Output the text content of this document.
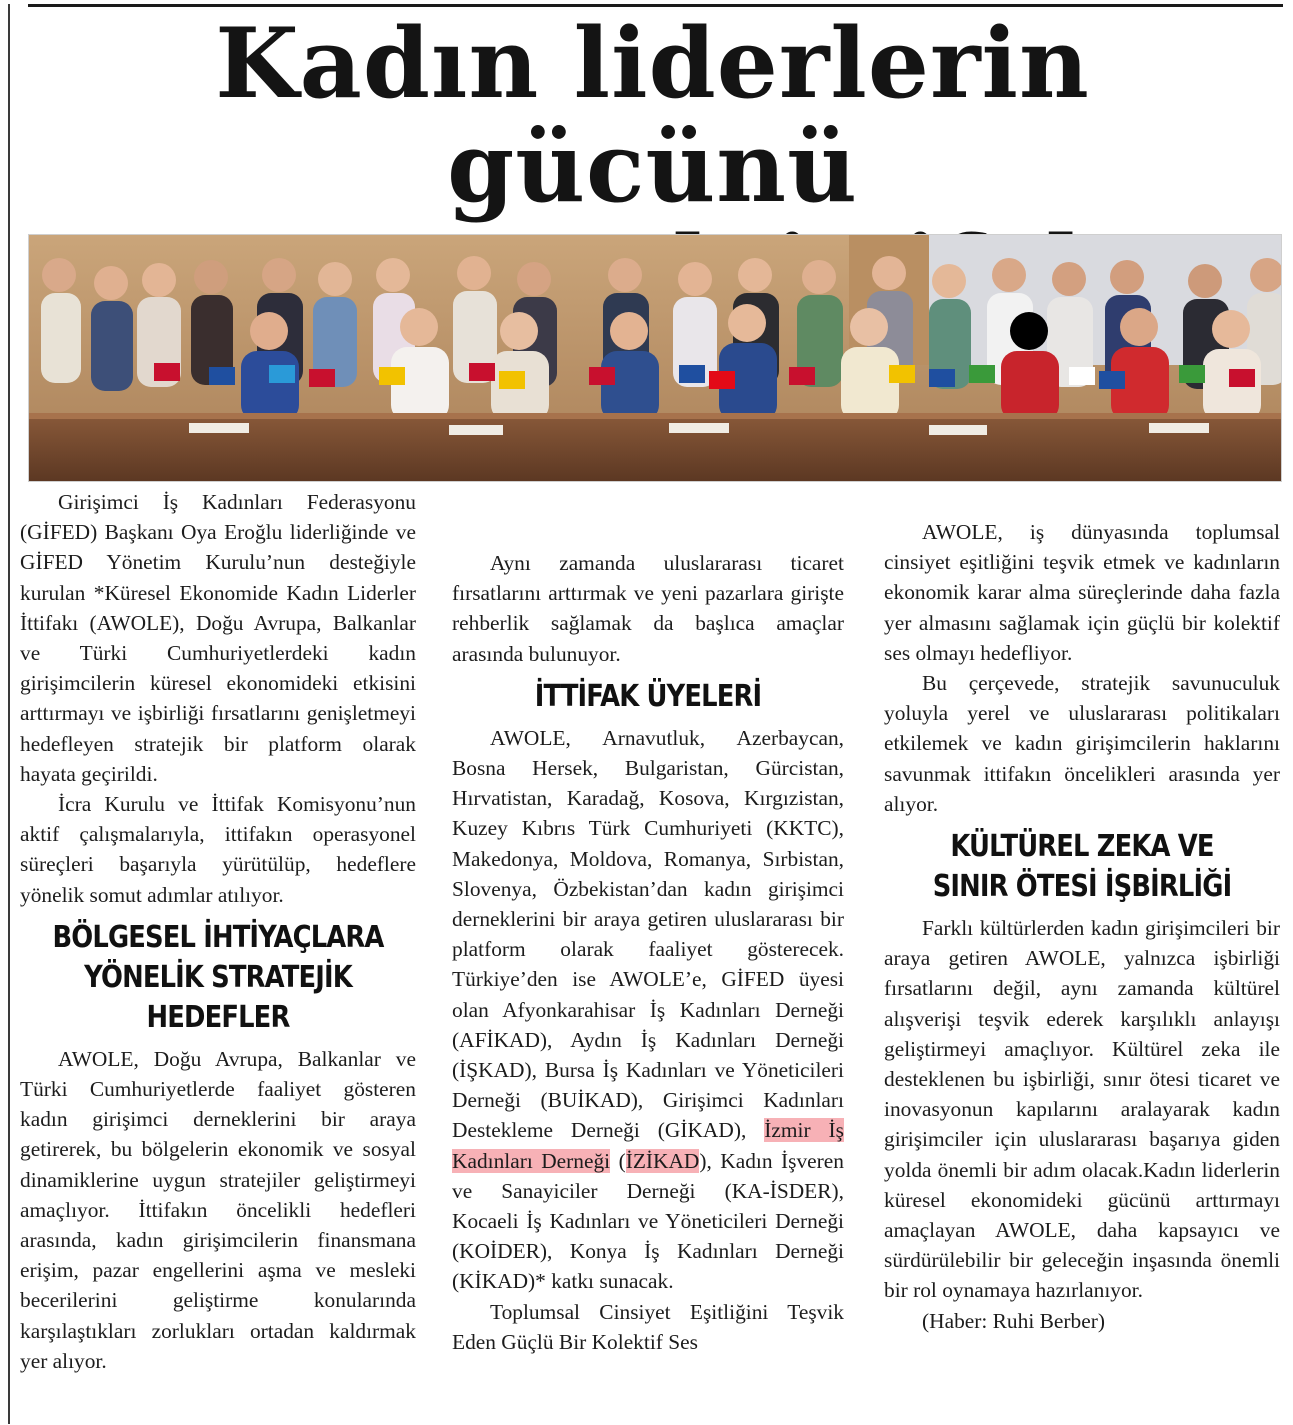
Kadın liderlerin gücünü

Girişimci İş Kadınları Federasyonu (GİFED) Başkanı Oya Eroğlu liderliğinde ve GİFED Yönetim Kurulu’nun desteğiyle kurulan *Küresel Ekonomide Kadın Liderler İttifakı (AWOLE), Doğu Avrupa, Balkanlar ve Türki Cumhuriyetlerdeki kadın girişimcilerin küresel ekonomideki etkisini arttırmayı ve işbirliği fırsatlarını genişletmeyi hedefleyen stratejik bir platform olarak hayata geçirildi.

İcra Kurulu ve İttifak Komisyonu’nun aktif çalışmalarıyla, ittifakın operasyonel süreçleri başarıyla yürütülüp, hedeflere yönelik somut adımlar atılıyor.

BÖLGESEL İHTİYAÇLARA YÖNELİK STRATEJİK HEDEFLER

AWOLE, Doğu Avrupa, Balkanlar ve Türki Cumhuriyetlerde faaliyet gösteren kadın girişimci derneklerini bir araya getirerek, bu bölgelerin ekonomik ve sosyal dinamiklerine uygun stratejiler geliştirmeyi amaçlıyor. İttifakın öncelikli hedefleri arasında, kadın girişimcilerin finansmana erişim, pazar engellerini aşma ve mesleki becerilerini geliştirme konularında karşılaştıkları zorlukları ortadan kaldırmak yer alıyor.

Aynı zamanda uluslararası ticaret fırsatlarını arttırmak ve yeni pazarlara girişte rehberlik sağlamak da başlıca amaçlar arasında bulunuyor.

İTTİFAK ÜYELERİ

AWOLE, Arnavutluk, Azerbaycan, Bosna Hersek, Bulgaristan, Gürcistan, Hırvatistan, Karadağ, Kosova, Kırgızistan, Kuzey Kıbrıs Türk Cumhuriyeti (KKTC), Makedonya, Moldova, Romanya, Sırbistan, Slovenya, Özbekistan’dan kadın girişimci derneklerini bir araya getiren uluslararası bir platform olarak faaliyet gösterecek. Türkiye’den ise AWOLE’e, GİFED üyesi olan Afyonkarahisar İş Kadınları Derneği (AFİKAD), Aydın İş Kadınları Derneği (İŞKAD), Bursa İş Kadınları ve Yöneticileri Derneği (BUİKAD), Girişimci Kadınları Destekleme Derneği (GİKAD), İzmir İş Kadınları Derneği (İZİKAD), Kadın İşveren ve Sanayiciler Derneği (KA-İSDER), Kocaeli İş Kadınları ve Yöneticileri Derneği (KOİDER), Konya İş Kadınları Derneği (KİKAD)* katkı sunacak.

Toplumsal Cinsiyet Eşitliğini Teşvik Eden Güçlü Bir Kolektif Ses

AWOLE, iş dünyasında toplumsal cinsiyet eşitliğini teşvik etmek ve kadınların ekonomik karar alma süreçlerinde daha fazla yer almasını sağlamak için güçlü bir kolektif ses olmayı hedefliyor.

Bu çerçevede, stratejik savunuculuk yoluyla yerel ve uluslararası politikaları etkilemek ve kadın girişimcilerin haklarını savunmak ittifakın öncelikleri arasında yer alıyor.

KÜLTÜREL ZEKA VE SINIR ÖTESİ İŞBİRLİĞİ

Farklı kültürlerden kadın girişimcileri bir araya getiren AWOLE, yalnızca işbirliği fırsatlarını değil, aynı zamanda kültürel alışverişi teşvik ederek karşılıklı anlayışı geliştirmeyi amaçlıyor. Kültürel zeka ile desteklenen bu işbirliği, sınır ötesi ticaret ve inovasyonun kapılarını aralayarak kadın girişimciler için uluslararası başarıya giden yolda önemli bir adım olacak.Kadın liderlerin küresel ekonomideki gücünü arttırmayı amaçlayan AWOLE, daha kapsayıcı ve sürdürülebilir bir geleceğin inşasında önemli bir rol oynamaya hazırlanıyor.

(Haber: Ruhi Berber)
